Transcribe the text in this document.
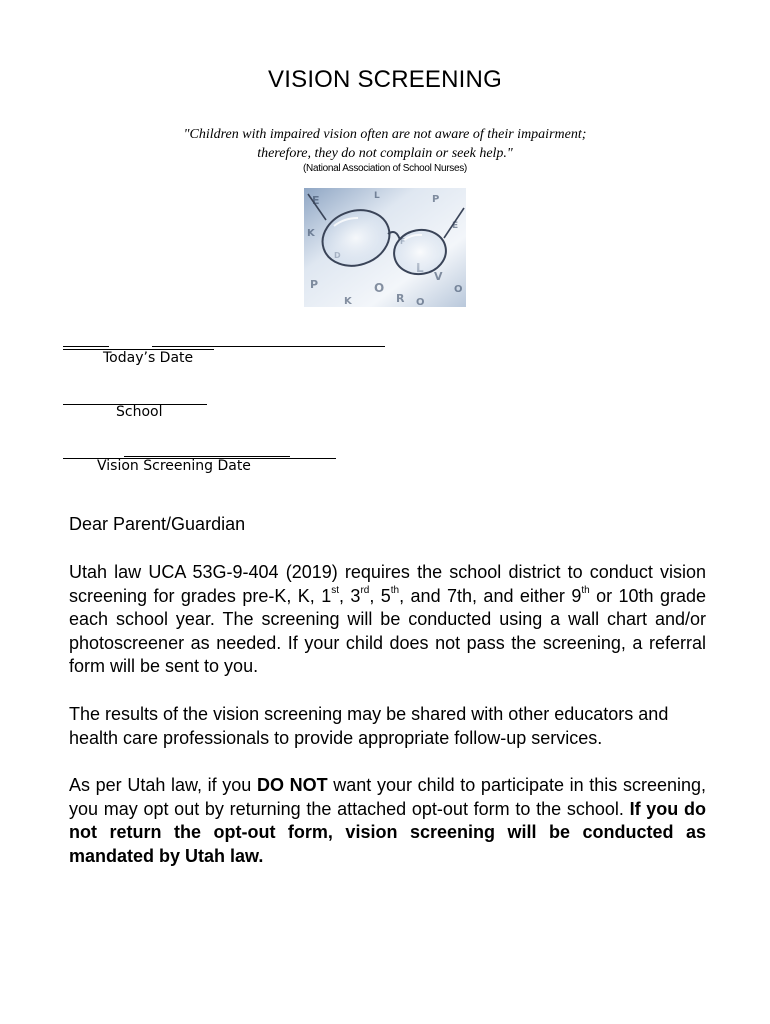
VISION SCREENING
"Children with impaired vision often are not aware of their impairment;
therefore, they do not complain or seek help."
(National Association of School Nurses)
E	L	P
E
K
V
O
P	O
R O
K
Today’s Date
School
Vision Screening Date
Dear Parent/Guardian
Utah law UCA 53G-9-404 (2019) requires the school district to conduct vision screening for grades pre-K, K, 1st, 3rd, 5th, and 7th, and either 9th or 10th grade each school year. The screening will be conducted using a wall chart and/or photoscreener as needed. If your child does not pass the screening, a referral form will be sent to you.
The results of the vision screening may be shared with other educators and health care professionals to provide appropriate follow-up services.
As per Utah law, if you DO NOT want your child to participate in this screening, you may opt out by returning the attached opt-out form to the school. If you do not return the opt-out form, vision screening will be conducted as mandated by Utah law.
